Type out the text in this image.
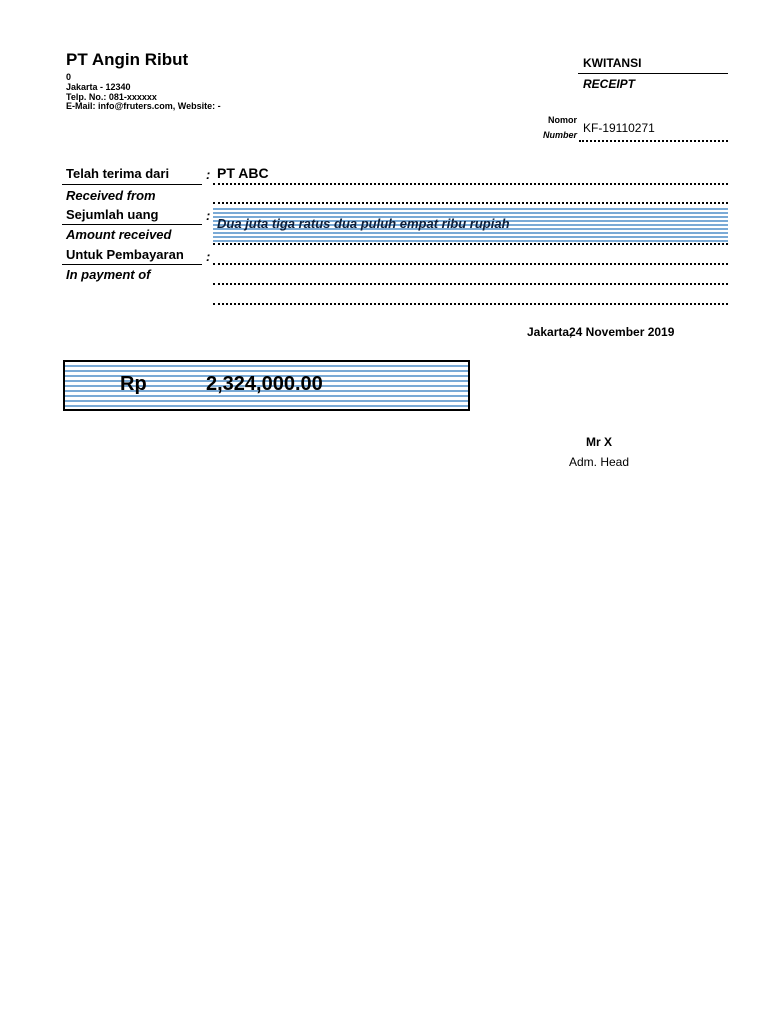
PT Angin Ribut
0
Jakarta - 12340
Telp. No.: 081-xxxxxx
E-Mail: info@fruters.com, Website: -
KWITANSI
RECEIPT
Nomor
Number KF-19110271
Telah terima dari
Received from
: PT ABC
Sejumlah uang
Amount received
:
Dua juta tiga ratus dua puluh empat ribu rupiah
Untuk Pembayaran
In payment of
:
Jakarta,
24 November 2019
Rp	2,324,000.00
Mr X
Adm. Head
